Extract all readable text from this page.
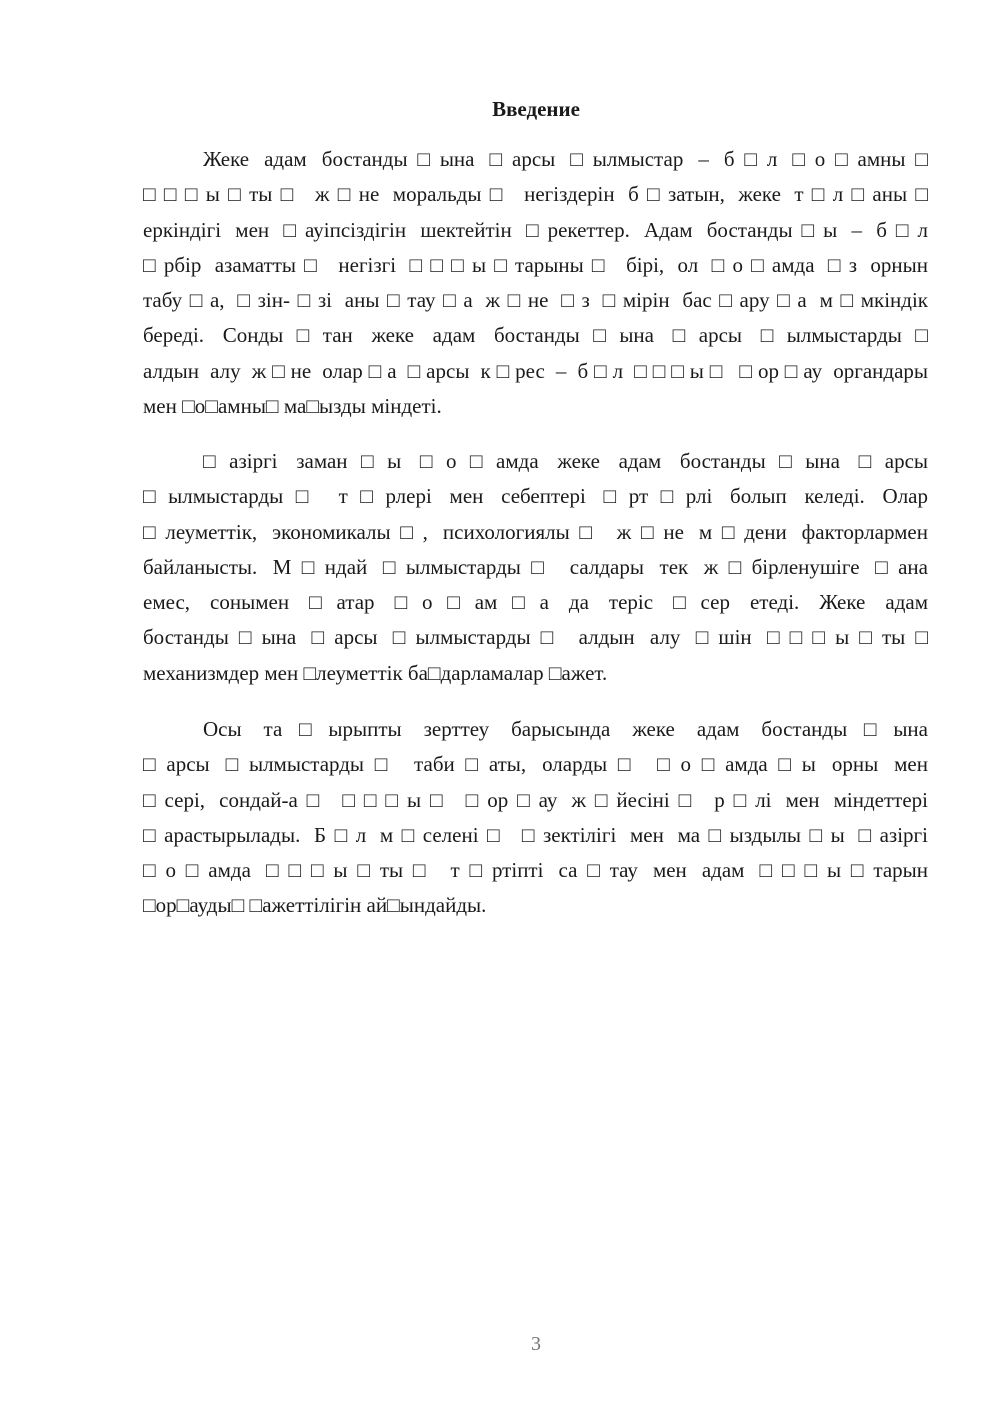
Введение
Жеке адам бостанды□ына □арсы □ылмыстар – б□л □о□амны□
□□□ы□ты□ ж□не моральды□ негіздерін б□затын, жеке т□л□аны□
еркіндігі мен □ауіпсіздігін шектейтін □рекеттер. Адам бостанды□ы – б□л
□рбір азаматты□ негізгі □□□ы□тарыны□ бірі, ол □о□амда □з орнын
табу□а, □зін-□зі аны□тау□а ж□не □з □мірін бас□ару□а м□мкіндік
береді. Сонды□тан жеке адам бостанды□ына □арсы □ылмыстарды□
алдын алу ж□не олар□а □арсы к□рес – б□л □□□ы□ □ор□ау органдары
мен □о□амны□ ма□ызды міндеті.
□азіргі заман□ы □о□амда жеке адам бостанды□ына □арсы
□ылмыстарды□ т□рлері мен себептері □рт□рлі болып келеді. Олар
□леуметтік, экономикалы□, психологиялы□ ж□не м□дени факторлармен
байланысты. М□ндай □ылмыстарды□ салдары тек ж□бірленушіге □ана
емес, сонымен □атар □о□ам□а да теріс □сер етеді. Жеке адам
бостанды□ына □арсы □ылмыстарды□ алдын алу □шін □□□ы□ты□
механизмдер мен □леуметтік ба□дарламалар □ажет.
Осы та□ырыпты зерттеу барысында жеке адам бостанды□ына
□арсы □ылмыстарды□ таби□аты, оларды□ □о□амда□ы орны мен
□сері, сондай-а□ □□□ы□ □ор□ау ж□йесіні□ р□лі мен міндеттері
□арастырылады. Б□л м□селені□ □зектілігі мен ма□ыздылы□ы □азіргі
□о□амда □□□ы□ты□ т□ртіпті са□тау мен адам □□□ы□тарын
□ор□ауды□ □ажеттілігін ай□ындайды.
3
